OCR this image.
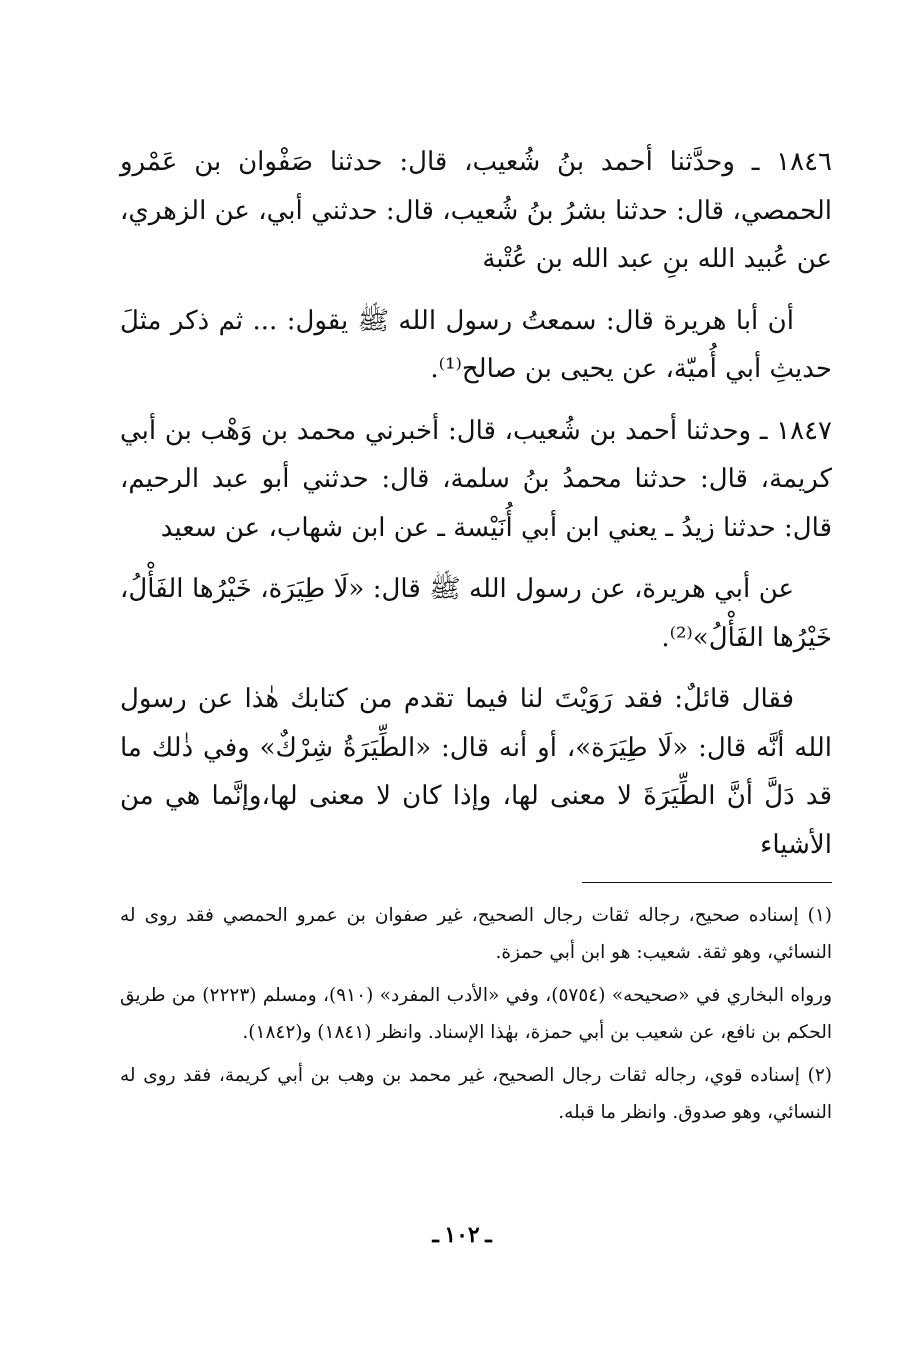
١٨٤٦ ـ وحدَّثنا أحمد بنُ شُعيب، قال: حدثنا صَفْوان بن عَمْرو الحمصي، قال: حدثنا بشرُ بنُ شُعيب، قال: حدثني أبي، عن الزهري، عن عُبيد الله بنِ عبد الله بن عُتْبة

أن أبا هريرة قال: سمعتُ رسول الله ﷺ يقول: ... ثم ذكر مثلَ حديثِ أبي أُميّة، عن يحيى بن صالح⁽¹⁾.

١٨٤٧ ـ وحدثنا أحمد بن شُعيب، قال: أخبرني محمد بن وَهْب بن أبي كريمة، قال: حدثنا محمدُ بنُ سلمة، قال: حدثني أبو عبد الرحيم، قال: حدثنا زيدُ ـ يعني ابن أبي أُنَيْسة ـ عن ابن شهاب، عن سعيد

عن أبي هريرة، عن رسول الله ﷺ قال: «لَا طِيَرَة، خَيْرُها الفَأْلُ، خَيْرُها الفَأْلُ»⁽²⁾.

فقال قائلٌ: فقد رَوَيْتَ لنا فيما تقدم من كتابك هٰذا عن رسول الله أنَّه قال: «لَا طِيَرَة»، أو أنه قال: «الطِّيَرَةُ شِرْكٌ» وفي ذٰلك ما قد دَلَّ أنَّ الطِّيَرَةَ لا معنى لها، وإذا كان لا معنى لها،وإنَّما هي من الأشياء

(١) إسناده صحيح، رجاله ثقات رجال الصحيح، غير صفوان بن عمرو الحمصي فقد روى له النسائي، وهو ثقة. شعيب: هو ابن أبي حمزة.

ورواه البخاري في «صحيحه» (٥٧٥٤)، وفي «الأدب المفرد» (٩١٠)، ومسلم (٢٢٢٣) من طريق الحكم بن نافع، عن شعيب بن أبي حمزة، بهٰذا الإسناد. وانظر (١٨٤١) و(١٨٤٢).

(٢) إسناده قوي، رجاله ثقات رجال الصحيح، غير محمد بن وهب بن أبي كريمة، فقد روى له النسائي، وهو صدوق. وانظر ما قبله.

ـ ١٠٢ ـ
